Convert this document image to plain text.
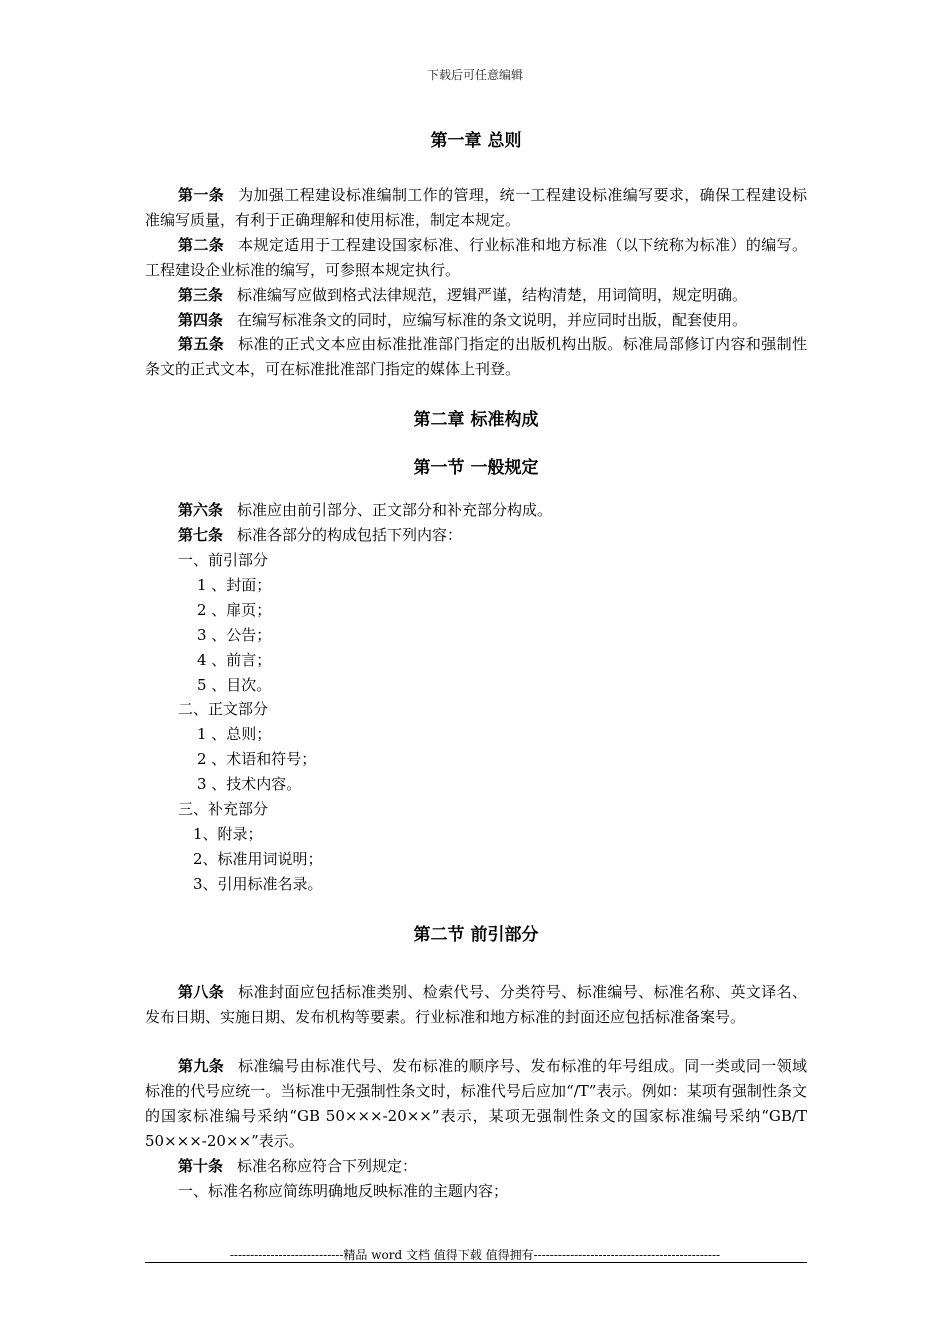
下载后可任意编辑
第一章 总则
第一条 为加强工程建设标准编制工作的管理，统一工程建设标准编写要求，确保工程建设标准编写质量，有利于正确理解和使用标准，制定本规定。
第二条 本规定适用于工程建设国家标准、行业标准和地方标准（以下统称为标准）的编写。工程建设企业标准的编写，可参照本规定执行。
第三条 标准编写应做到格式法律规范，逻辑严谨，结构清楚，用词简明，规定明确。
第四条 在编写标准条文的同时，应编写标准的条文说明，并应同时出版，配套使用。
第五条 标准的正式文本应由标准批准部门指定的出版机构出版。标准局部修订内容和强制性条文的正式文本，可在标准批准部门指定的媒体上刊登。
第二章 标准构成
第一节 一般规定
第六条 标准应由前引部分、正文部分和补充部分构成。
第七条 标准各部分的构成包括下列内容：
一、前引部分
1 、封面；
2 、扉页；
3 、公告；
4 、前言；
5 、目次。
二、正文部分
1 、总则；
2 、术语和符号；
3 、技术内容。
三、补充部分
1、附录；
2、标准用词说明；
3、引用标准名录。
第二节 前引部分
第八条 标准封面应包括标准类别、检索代号、分类符号、标准编号、标准名称、英文译名、发布日期、实施日期、发布机构等要素。行业标准和地方标准的封面还应包括标准备案号。
第九条 标准编号由标准代号、发布标准的顺序号、发布标准的年号组成。同一类或同一领域标准的代号应统一。当标准中无强制性条文时，标准代号后应加“/T”表示。例如：某项有强制性条文的国家标准编号采纳“GB 50×××-20××”表示，某项无强制性条文的国家标准编号采纳“GB/T 50×××-20××”表示。
第十条 标准名称应符合下列规定：
一、标准名称应简练明确地反映标准的主题内容；
----------------------------精品 word 文档 值得下载 值得拥有----------------------------------------------
